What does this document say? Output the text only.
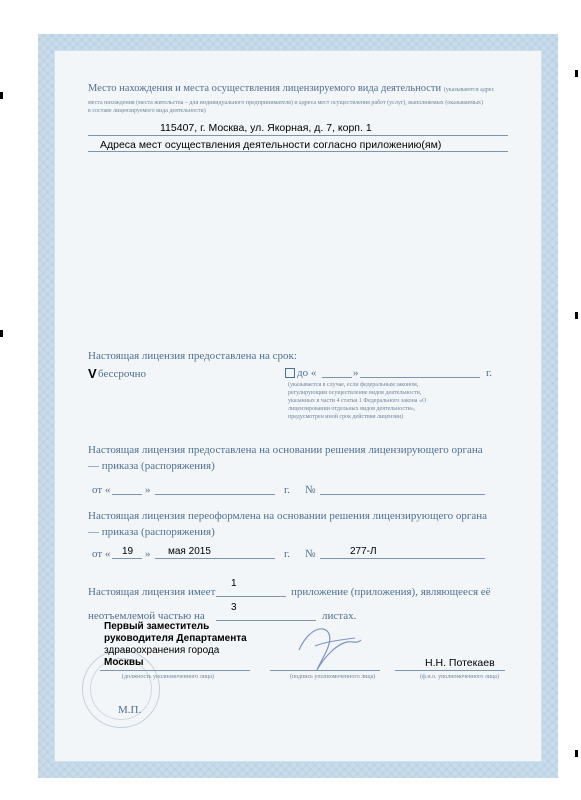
Место нахождения и места осуществления лицензируемого вида деятельности (указываются адрес
места нахождения (места жительства – для индивидуального предпринимателя) и адреса мест осуществления работ (услуг), выполняемых (оказываемых)
в составе лицензируемого вида деятельности)
115407, г. Москва, ул. Якорная, д. 7, корп. 1
Адреса мест осуществления деятельности согласно приложению(ям)
Настоящая лицензия предоставлена на срок:
V бессрочно	до «	»	г.
(указывается в случае, если федеральным законом, регулирующим осуществление видов деятельности, указанных в части 4 статьи 1 Федерального закона «О лицензировании отдельных видов деятельности», предусмотрен иной срок действия лицензии)
Настоящая лицензия предоставлена на основании решения лицензирующего органа
— приказа (распоряжения)
от «	»	г. №
Настоящая лицензия переоформлена на основании решения лицензирующего органа
— приказа (распоряжения)
от « 19 » мая 2015	г. №	277-Л
Настоящая лицензия имеет
1
приложение (приложения), являющееся её
неотъемлемой частью на
3
листах.
Первый заместитель
руководителя Департамента
здравоохранения города
Москвы	Н.Н. Потекаев
(должность уполномоченного лица)	(подпись уполномоченного лица)	(ф.и.о. уполномоченного лица)
М.П.
